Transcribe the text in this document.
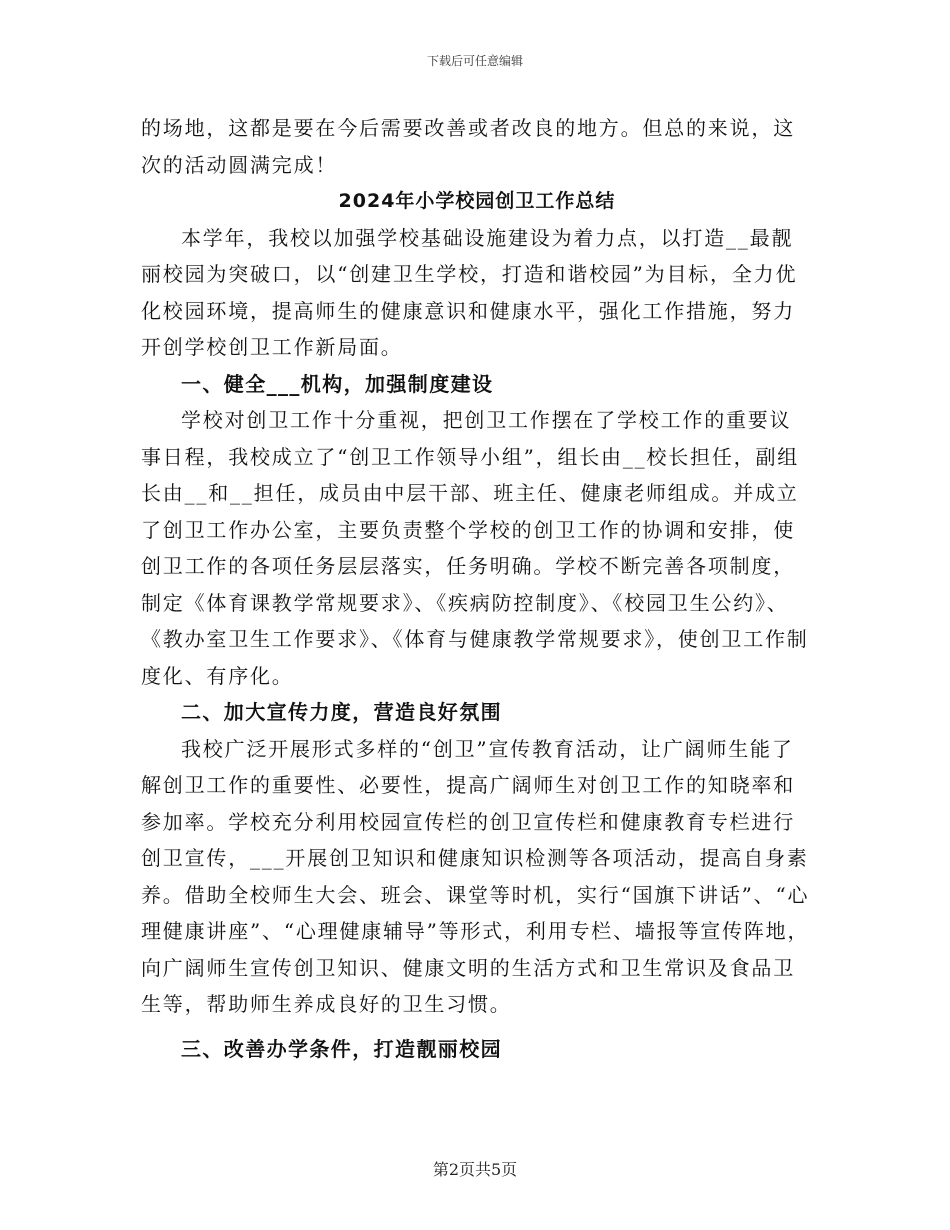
下载后可任意编辑

的场地，这都是要在今后需要改善或者改良的地方。但总的来说，这次的活动圆满完成！

2024年小学校园创卫工作总结

本学年，我校以加强学校基础设施建设为着力点，以打造__最靓丽校园为突破口，以“创建卫生学校，打造和谐校园”为目标，全力优化校园环境，提高师生的健康意识和健康水平，强化工作措施，努力开创学校创卫工作新局面。

一、健全___机构，加强制度建设

学校对创卫工作十分重视，把创卫工作摆在了学校工作的重要议事日程，我校成立了“创卫工作领导小组”，组长由__校长担任，副组长由__和__担任，成员由中层干部、班主任、健康老师组成。并成立了创卫工作办公室，主要负责整个学校的创卫工作的协调和安排，使创卫工作的各项任务层层落实，任务明确。学校不断完善各项制度，制定《体育课教学常规要求》、《疾病防控制度》、《校园卫生公约》、《教办室卫生工作要求》、《体育与健康教学常规要求》，使创卫工作制度化、有序化。

二、加大宣传力度，营造良好氛围

我校广泛开展形式多样的“创卫”宣传教育活动，让广阔师生能了解创卫工作的重要性、必要性，提高广阔师生对创卫工作的知晓率和参加率。学校充分利用校园宣传栏的创卫宣传栏和健康教育专栏进行创卫宣传，___开展创卫知识和健康知识检测等各项活动，提高自身素养。借助全校师生大会、班会、课堂等时机，实行“国旗下讲话”、“心理健康讲座”、“心理健康辅导”等形式，利用专栏、墙报等宣传阵地，向广阔师生宣传创卫知识、健康文明的生活方式和卫生常识及食品卫生等，帮助师生养成良好的卫生习惯。

三、改善办学条件，打造靓丽校园

第2页共5页
